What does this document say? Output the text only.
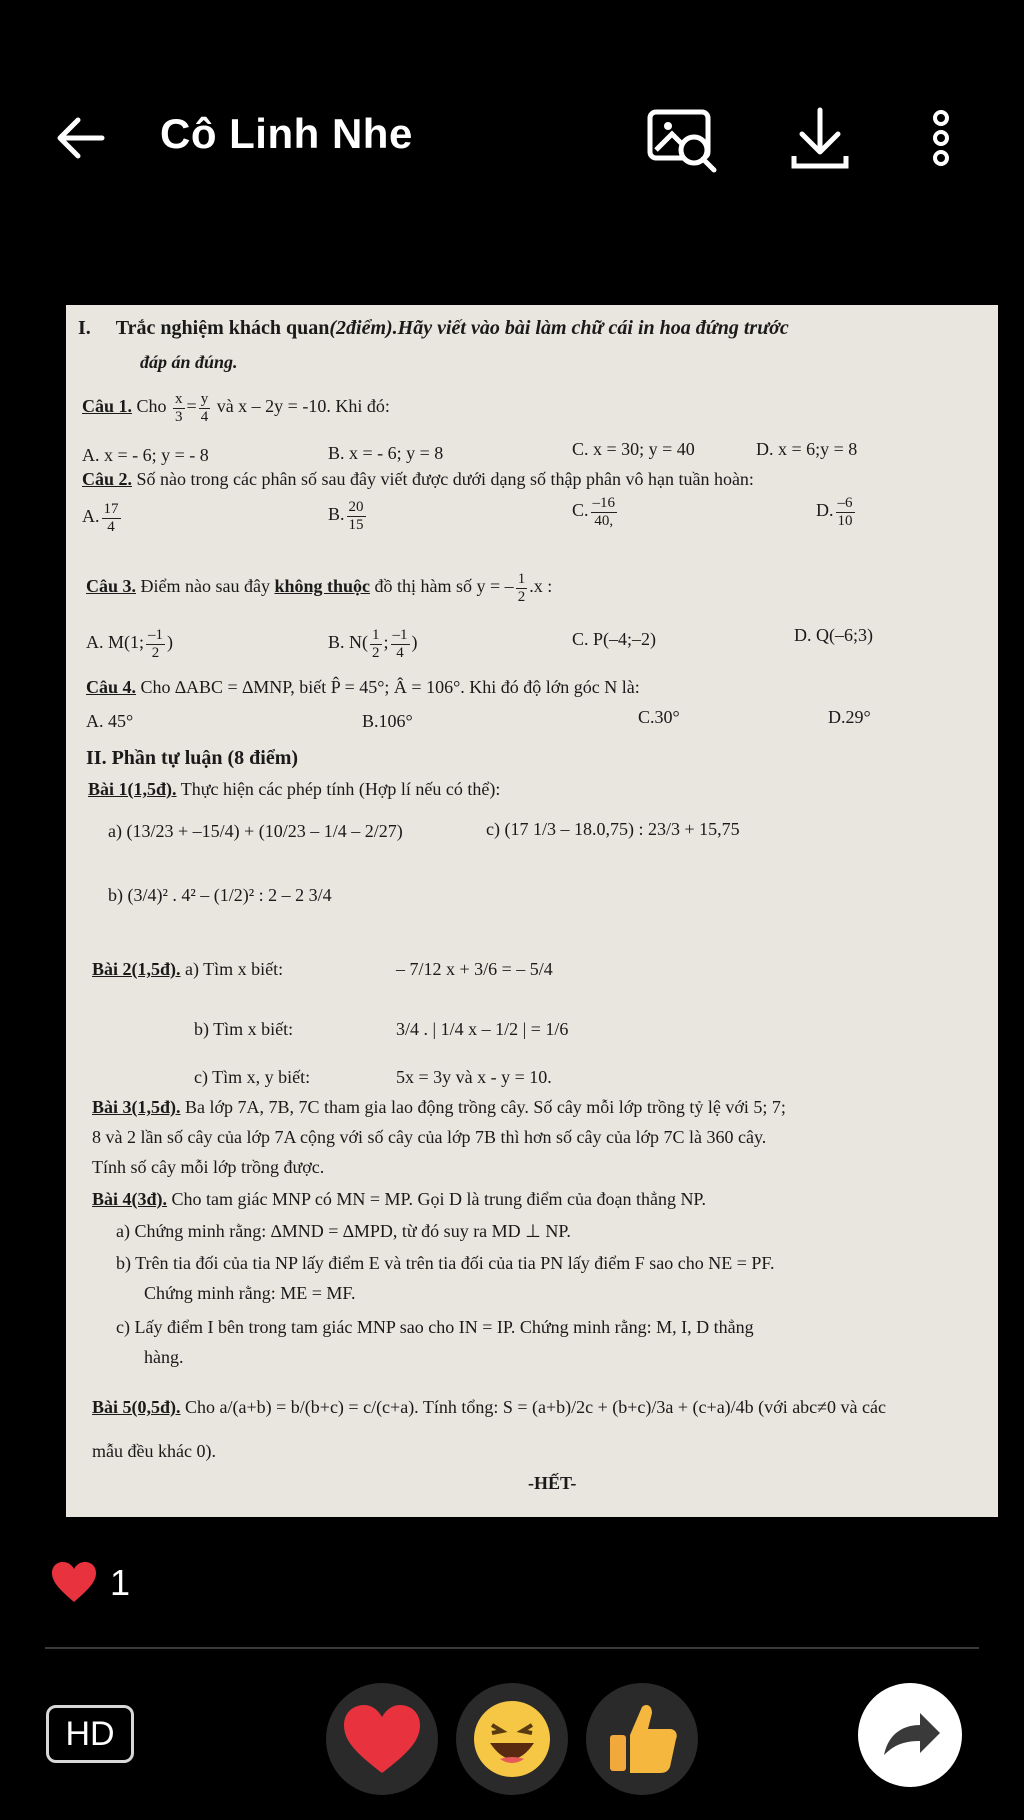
Cô Linh Nhe
I. Trắc nghiệm khách quan(2điểm).Hãy viết vào bài làm chữ cái in hoa đứng trước
đáp án đúng.
Câu 1. Cho $\frac{x}{3} = \frac{y}{4}$ và x – 2y = -10. Khi đó:
A. x = - 6; y = - 8	B. x = - 6; y = 8	C. x = 30; y = 40	D. x = 6;y = 8
Câu 2. Số nào trong các phân số sau đây viết được dưới dạng số thập phân vô hạn tuần hoàn:
A. $\frac{17}{4}$	B. $\frac{20}{15}$	C. $\frac{-16}{40,}$	D. $\frac{-6}{10}$
Câu 3. Điểm nào sau đây không thuộc đồ thị hàm số y = – $\frac{1}{2} .x$ :
A. M(1; $\frac{-1}{2}$ )	B. $N( \frac{1}{2}$ ; $\frac{-1}{4}$ )	C. P(–4;–2)	D. Q(–6;3)
Câu 4. Cho ∆ABC = ∆MNP, biết P̂ = 45°; Â = 106°. Khi đó độ lớn góc N là:
A. 45°	B.106°	C.30°	D.29°
II. Phần tự luận (8 điểm)
Bài 1(1,5đ). Thực hiện các phép tính (Hợp lí nếu có thể):
a) (13/23 + –15/4) + (10/23 – 1/4 – 2/27)	c) (17 1/3 – 18.0,75) : 23/3 + 15,75
b) (3/4)² . 4² – (1/2)² : 2 – 2 3/4
Bài 2(1,5đ). a) Tìm x biết:	– 7/12 x + 3/6 = – 5/4
b) Tìm x biết:	3/4 . | 1/4 x – 1/2 | = 1/6
c) Tìm x, y biết:	5x = 3y và x - y = 10.
Bài 3(1,5đ). Ba lớp 7A, 7B, 7C tham gia lao động trồng cây. Số cây mỗi lớp trồng tỷ lệ với 5; 7;
8 và 2 lần số cây của lớp 7A cộng với số cây của lớp 7B thì hơn số cây của lớp 7C là 360 cây.
Tính số cây mỗi lớp trồng được.
Bài 4(3đ). Cho tam giác MNP có MN = MP. Gọi D là trung điểm của đoạn thẳng NP.
a) Chứng minh rằng: ∆MND = ∆MPD, từ đó suy ra MD ⊥ NP.
b) Trên tia đối của tia NP lấy điểm E và trên tia đối của tia PN lấy điểm F sao cho NE = PF.
Chứng minh rằng: ME = MF.
c) Lấy điểm I bên trong tam giác MNP sao cho IN = IP. Chứng minh rằng: M, I, D thẳng
hàng.
Bài 5(0,5đ). Cho a/(a+b) = b/(b+c) = c/(c+a). Tính tổng: S = (a+b)/2c + (b+c)/3a + (c+a)/4b (với abc≠0 và các
mẫu đều khác 0).
-HẾT-
1
HD
